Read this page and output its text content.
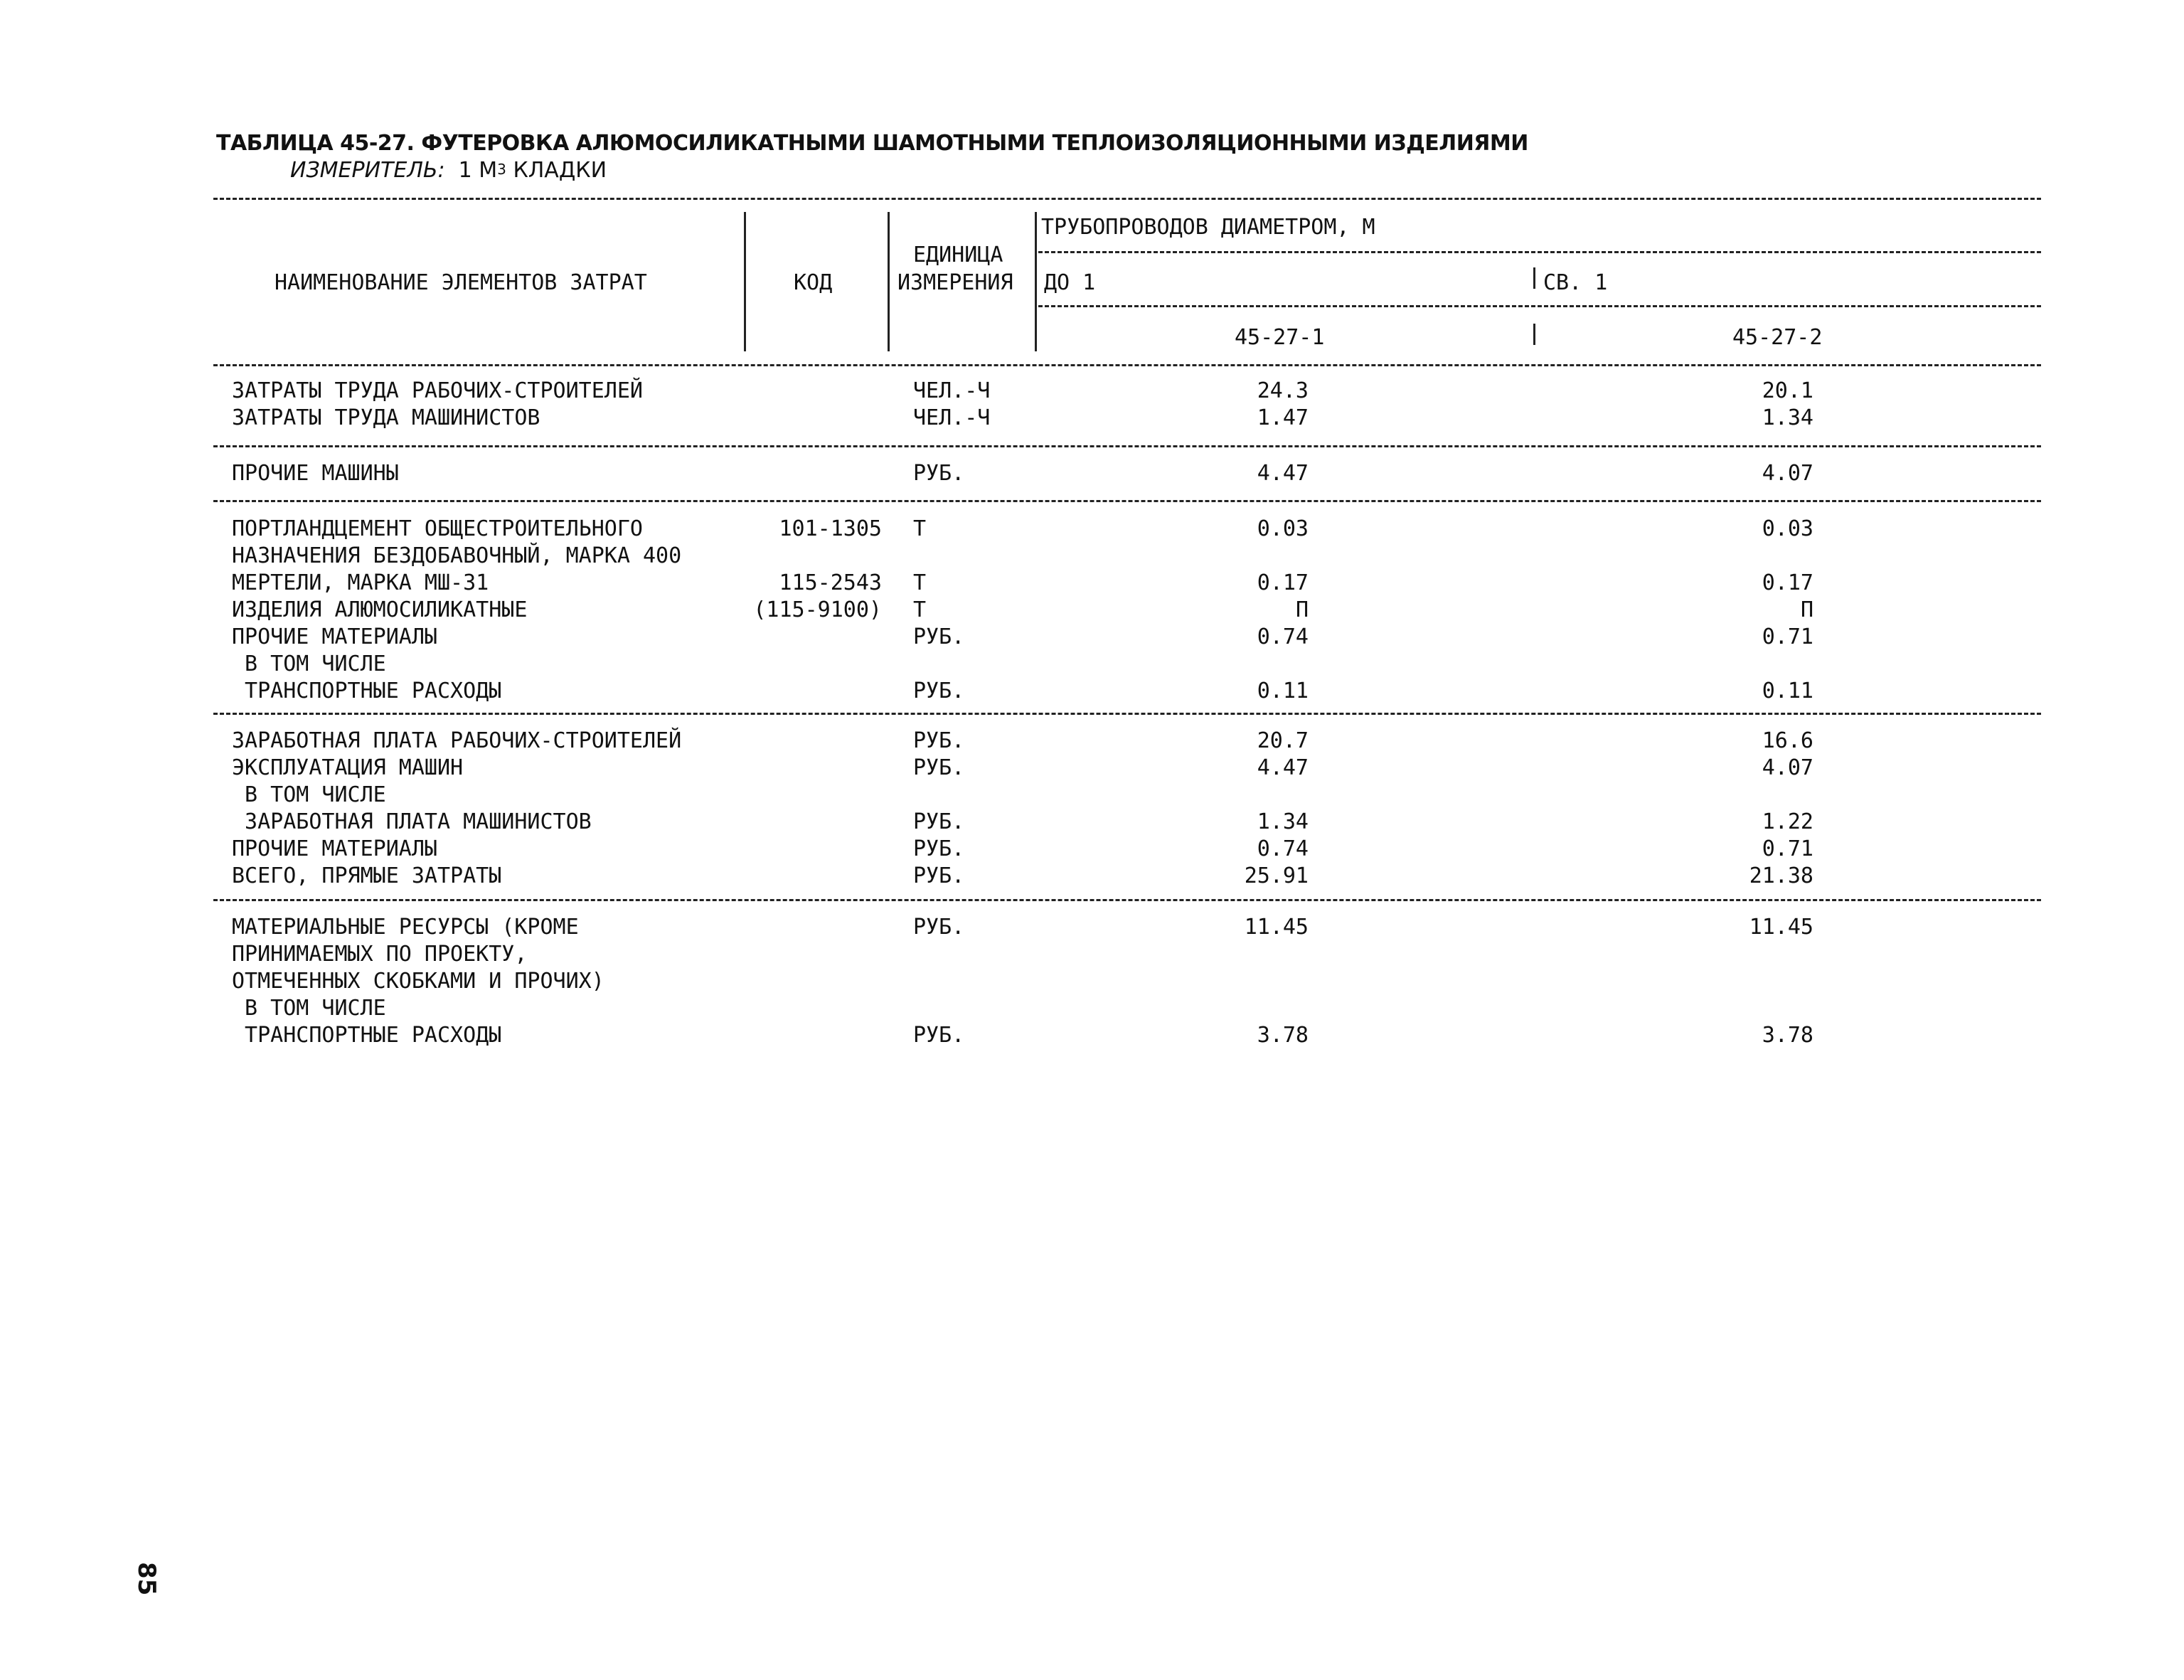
ТАБЛИЦА 45-27. ФУТЕРОВКА АЛЮМОСИЛИКАТНЫМИ ШАМОТНЫМИ ТЕПЛОИЗОЛЯЦИОННЫМИ ИЗДЕЛИЯМИ
ИЗМЕРИТЕЛЬ: 1 $М^3$ КЛАДКИ
НАИМЕНОВАНИЕ ЭЛЕМЕНТОВ ЗАТРАТ	КОД
ЕДИНИЦА
ИЗМЕРЕНИЯ
ТРУБОПРОВОДОВ ДИАМЕТРОМ, М
ДО 1	СВ. 1
45-27-1	45-27-2
ЗАТРАТЫ ТРУДА РАБОЧИХ-СТРОИТЕЛЕЙ	ЧЕЛ.-Ч	24.3	20.1
ЗАТРАТЫ ТРУДА МАШИНИСТОВ	ЧЕЛ.-Ч	1.47	1.34
ПРОЧИЕ МАШИНЫ	РУБ.	4.47	4.07
ПОРТЛАНДЦЕМЕНТ ОБЩЕСТРОИТЕЛЬНОГО	101-1305 Т	0.03	0.03
НАЗНАЧЕНИЯ БЕЗДОБАВОЧНЫЙ, МАРКА 400
МЕРТЕЛИ, МАРКА МШ-31	115-2543 Т	0.17	0.17
ИЗДЕЛИЯ АЛЮМОСИЛИКАТНЫЕ	(115-9100) Т	П	П
ПРОЧИЕ МАТЕРИАЛЫ	РУБ.	0.74	0.71
В ТОМ ЧИСЛЕ
ТРАНСПОРТНЫЕ РАСХОДЫ	РУБ.	0.11	0.11
ЗАРАБОТНАЯ ПЛАТА РАБОЧИХ-СТРОИТЕЛЕЙ	РУБ.	20.7	16.6
ЭКСПЛУАТАЦИЯ МАШИН	РУБ.	4.47	4.07
В ТОМ ЧИСЛЕ
ЗАРАБОТНАЯ ПЛАТА МАШИНИСТОВ	РУБ.	1.34	1.22
ПРОЧИЕ МАТЕРИАЛЫ	РУБ.	0.74	0.71
ВСЕГО, ПРЯМЫЕ ЗАТРАТЫ	РУБ.	25.91	21.38
МАТЕРИАЛЬНЫЕ РЕСУРСЫ (КРОМЕ	РУБ.	11.45	11.45
ПРИНИМАЕМЫХ ПО ПРОЕКТУ,
ОТМЕЧЕННЫХ СКОБКАМИ И ПРОЧИХ)
В ТОМ ЧИСЛЕ
ТРАНСПОРТНЫЕ РАСХОДЫ	РУБ.	3.78	3.78
85
